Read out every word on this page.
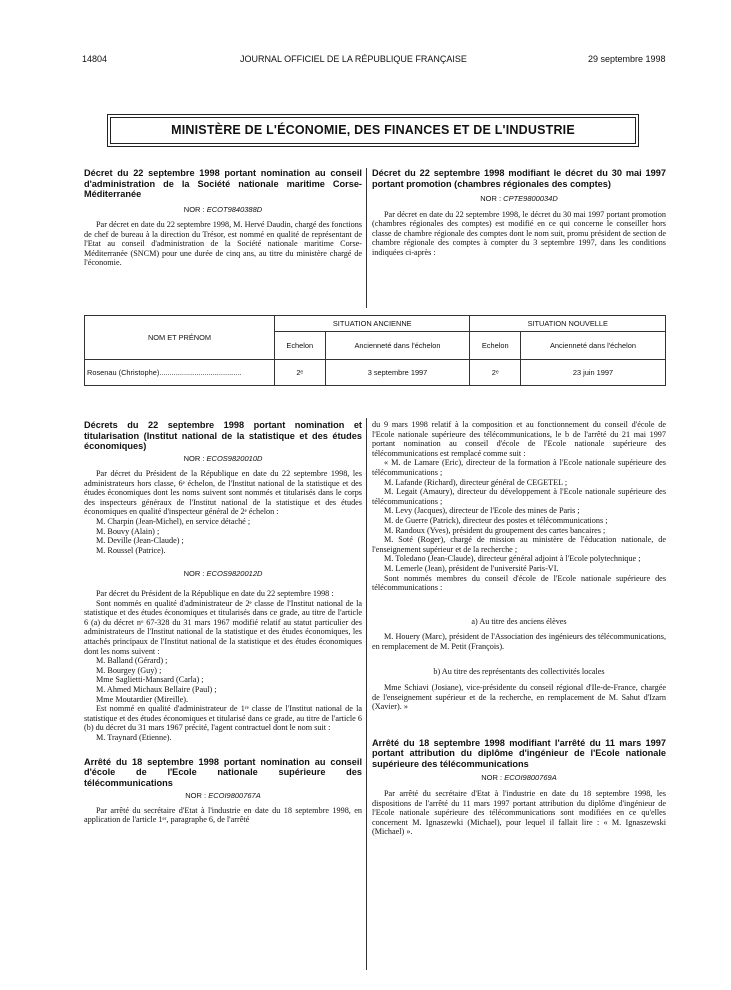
14804	JOURNAL OFFICIEL DE LA RÉPUBLIQUE FRANÇAISE	29 septembre 1998
MINISTÈRE DE L'ÉCONOMIE, DES FINANCES ET DE L'INDUSTRIE
Décret du 22 septembre 1998 portant nomination au conseil d'administration de la Société nationale maritime Corse-Méditerranée
NOR : ECOT9840388D

Par décret en date du 22 septembre 1998, M. Hervé Daudin, chargé des fonctions de chef de bureau à la direction du Trésor, est nommé en qualité de représentant de l'Etat au conseil d'administration de la Société nationale maritime Corse-Méditerranée (SNCM) pour une durée de cinq ans, au titre du ministère chargé de l'économie.

Décret du 22 septembre 1998 modifiant le décret du 30 mai 1997 portant promotion (chambres régionales des comptes)
NOR : CPTE9800034D

Par décret en date du 22 septembre 1998, le décret du 30 mai 1997 portant promotion (chambres régionales des comptes) est modifié en ce qui concerne le conseiller hors classe de chambre régionale des comptes dont le nom suit, promu président de section de chambre régionale des comptes à compter du 3 septembre 1997, dans les conditions indiquées ci-après :

NOM ET PRÉNOM	SITUATION ANCIENNE		SITUATION NOUVELLE	
	Echelon	Ancienneté dans l'échelon	Echelon	Ancienneté dans l'échelon
Rosenau (Christophe)........................................	2ᵉ	3 septembre 1997	2ᵉ	23 juin 1997
Décrets du 22 septembre 1998 portant nomination et titularisation (Institut national de la statistique et des études économiques)
NOR : ECOS9820010D

Par décret du Président de la République en date du 22 septembre 1998, les administrateurs hors classe, 6ᵉ échelon, de l'Institut national de la statistique et des études économiques dont les noms suivent sont nommés et titularisés dans le corps des inspecteurs généraux de l'Institut national de la statistique et des études économiques en qualité d'inspecteur général de 2ᵉ échelon :

M. Charpin (Jean-Michel), en service détaché ;

M. Bouvy (Alain) ;

M. Deville (Jean-Claude) ;

M. Roussel (Patrice).

NOR : ECOS9820012D

Par décret du Président de la République en date du 22 septembre 1998 :

Sont nommés en qualité d'administrateur de 2ᵉ classe de l'Institut national de la statistique et des études économiques et titularisés dans ce grade, au titre de l'article 6 (a) du décret nᵒ 67-328 du 31 mars 1967 modifié relatif au statut particulier des administrateurs de l'Institut national de la statistique et des études économiques, les attachés principaux de l'Institut national de la statistique et des études économiques dont les noms suivent :

M. Balland (Gérard) ;

M. Bourgey (Guy) ;

Mme Saglietti-Mansard (Carla) ;

M. Ahmed Michaux Bellaire (Paul) ;

Mme Moutardier (Mireille).

Est nommé en qualité d'administrateur de 1ʳᵉ classe de l'Institut national de la statistique et des études économiques et titularisé dans ce grade, au titre de l'article 6 (b) du décret du 31 mars 1967 précité, l'agent contractuel dont le nom suit :

M. Traynard (Etienne).

Arrêté du 18 septembre 1998 portant nomination au conseil d'école de l'Ecole nationale supérieure des télécommunications
NOR : ECOI9800767A

Par arrêté du secrétaire d'Etat à l'industrie en date du 18 septembre 1998, en application de l'article 1ᵉʳ, paragraphe 6, de l'arrêté

du 9 mars 1998 relatif à la composition et au fonctionnement du conseil d'école de l'Ecole nationale supérieure des télécommunications, le b de l'arrêté du 21 mai 1997 portant nomination au conseil d'école de l'Ecole nationale supérieure des télécommunications est remplacé comme suit :

« M. de Lamare (Eric), directeur de la formation à l'Ecole nationale supérieure des télécommunications ;

M. Lafande (Richard), directeur général de CEGETEL ;

M. Legait (Amaury), directeur du développement à l'Ecole nationale supérieure des télécommunications ;

M. Levy (Jacques), directeur de l'Ecole des mines de Paris ;

M. de Guerre (Patrick), directeur des postes et télécommunications ;

M. Randoux (Yves), président du groupement des cartes bancaires ;

M. Soté (Roger), chargé de mission au ministère de l'éducation nationale, de l'enseignement supérieur et de la recherche ;

M. Toledano (Jean-Claude), directeur général adjoint à l'Ecole polytechnique ;

M. Lemerle (Jean), président de l'université Paris-VI.

Sont nommés membres du conseil d'école de l'Ecole nationale supérieure des télécommunications :

a) Au titre des anciens élèves

M. Houery (Marc), président de l'Association des ingénieurs des télécommunications, en remplacement de M. Petit (François).

b) Au titre des représentants des collectivités locales

Mme Schiavi (Josiane), vice-présidente du conseil régional d'Ile-de-France, chargée de l'enseignement supérieur et de la recherche, en remplacement de M. Sahut d'Izarn (Xavier). »

Arrêté du 18 septembre 1998 modifiant l'arrêté du 11 mars 1997 portant attribution du diplôme d'ingénieur de l'Ecole nationale supérieure des télécommunications
NOR : ECOI9800769A

Par arrêté du secrétaire d'Etat à l'industrie en date du 18 septembre 1998, les dispositions de l'arrêté du 11 mars 1997 portant attribution du diplôme d'ingénieur de l'Ecole nationale supérieure des télécommunications sont modifiées en ce qu'elles concernent M. Ignaszewki (Michael), pour lequel il fallait lire : « M. Ignaszewski (Michael) ».
